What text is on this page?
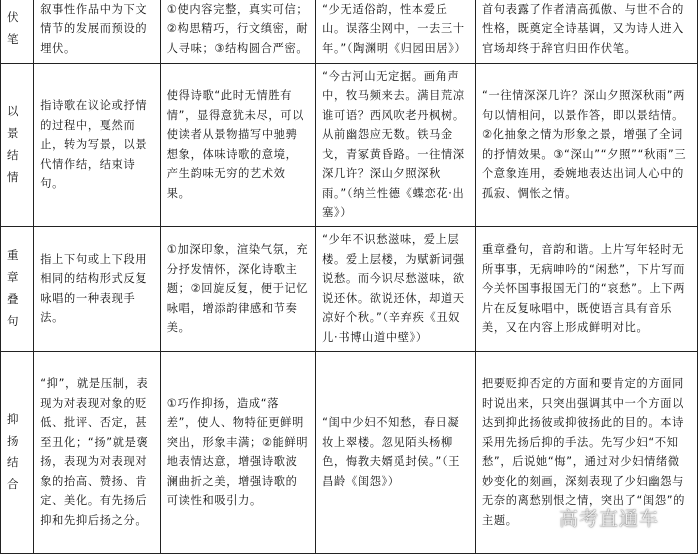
伏笔	叙事性作品中为下文情节的发展而预设的埋伏。	①使内容完整，真实可信；②构思精巧，行文缜密，耐人寻味；③结构圆合严密。	“少无适俗韵，性本爱丘山。误落尘网中，一去三十年。”（陶渊明《归园田居》）	首句表露了作者清高孤傲、与世不合的性格，既奠定全诗基调，又为诗人进入官场却终于辞官归田作伏笔。
以景结情	指诗歌在议论或抒情的过程中，戛然而止，转为写景，以景代情作结，结束诗句。	使得诗歌“此时无情胜有情”，显得意犹未尽，可以使读者从景物描写中驰骋想象，体味诗歌的意境，产生韵味无穷的艺术效果。	“今古河山无定据。画角声中，牧马频来去。满目荒凉谁可语？西风吹老丹枫树。从前幽怨应无数。铁马金戈，青冢黄昏路。一往情深深几许？深山夕照深秋雨。”（纳兰性德《蝶恋花·出塞》）	“一往情深深几许？深山夕照深秋雨”两句以情相问，以景作答，即以景结情。②化抽象之情为形象之景，增强了全词的抒情效果。③“深山”“夕照”“秋雨”三个意象连用，委婉地表达出词人心中的孤寂、惆怅之情。
重章叠句	指上下句或上下段用相同的结构形式反复咏唱的一种表现手法。	①加深印象，渲染气氛，充分抒发情怀，深化诗歌主题；②回旋反复，便于记忆咏唱，增添韵律感和节奏美。	“少年不识愁滋味，爱上层楼。爱上层楼，为赋新词强说愁。而今识尽愁滋味，欲说还休。欲说还休，却道天凉好个秋。”（辛弃疾《丑奴儿·书博山道中壁》）	重章叠句，音韵和谐。上片写年轻时无所事事，无病呻吟的“闲愁”，下片写而今关怀国事报国无门的“哀愁”。上下两片在反复咏唱中，既使语言具有音乐美，又在内容上形成鲜明对比。
抑扬结合	“抑”，就是压制，表现为对表现对象的贬低、批评、否定，甚至丑化；“扬”就是褒扬，表现为对表现对象的抬高、赞扬、肯定、美化。有先扬后抑和先抑后扬之分。	①巧作抑扬，造成“落差”，使人、物特征更鲜明突出，形象丰满；②能鲜明地表情达意，增强诗歌波澜曲折之美，增强诗歌的可读性和吸引力。	“闺中少妇不知愁，春日凝妆上翠楼。忽见陌头杨柳色，悔教夫婿觅封侯。”（王昌龄《闺怨》）	把要贬抑否定的方面和要肯定的方面同时说出来，只突出强调其中一个方面以达到抑此扬彼或抑彼扬此的目的。本诗采用先扬后抑的手法。先写少妇“不知愁”，后说她“悔”，通过对少妇情绪微妙变化的刻画，深刻表现了少妇幽怨与无奈的离愁别恨之情，突出了“闺怨”的主题。 高考直通车
